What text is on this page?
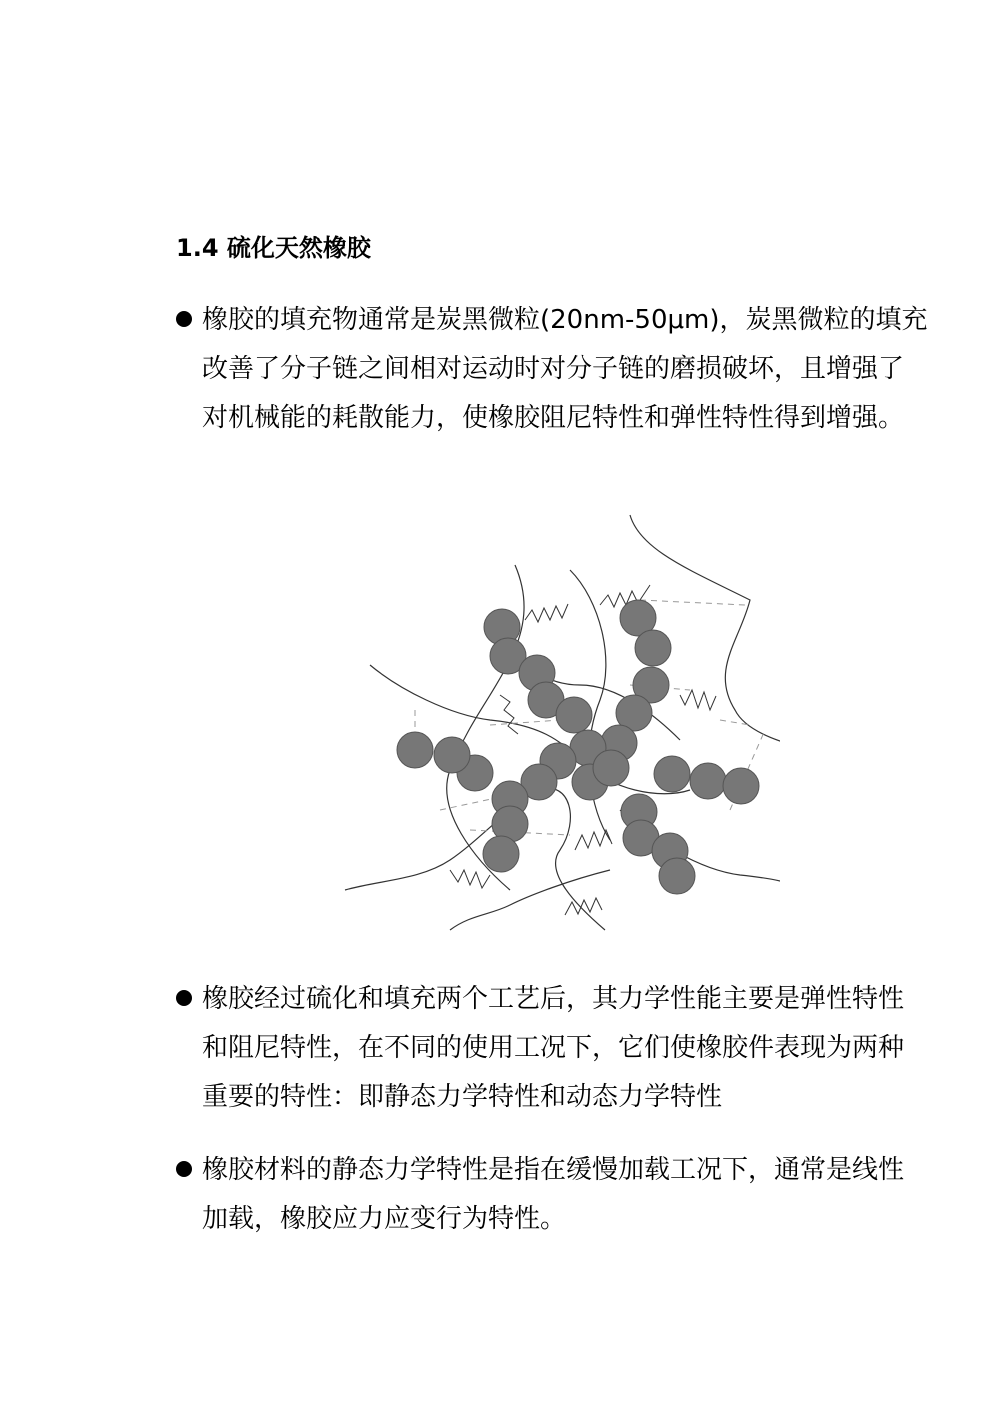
1.4 硫化天然橡胶

橡胶的填充物通常是炭黑微粒(20nm-50μm)，炭黑微粒的填充
改善了分子链之间相对运动时对分子链的磨损破坏，且增强了
对机械能的耗散能力，使橡胶阻尼特性和弹性特性得到增强。

橡胶经过硫化和填充两个工艺后，其力学性能主要是弹性特性
和阻尼特性，在不同的使用工况下，它们使橡胶件表现为两种
重要的特性：即静态力学特性和动态力学特性

橡胶材料的静态力学特性是指在缓慢加载工况下，通常是线性
加载，橡胶应力应变行为特性。
